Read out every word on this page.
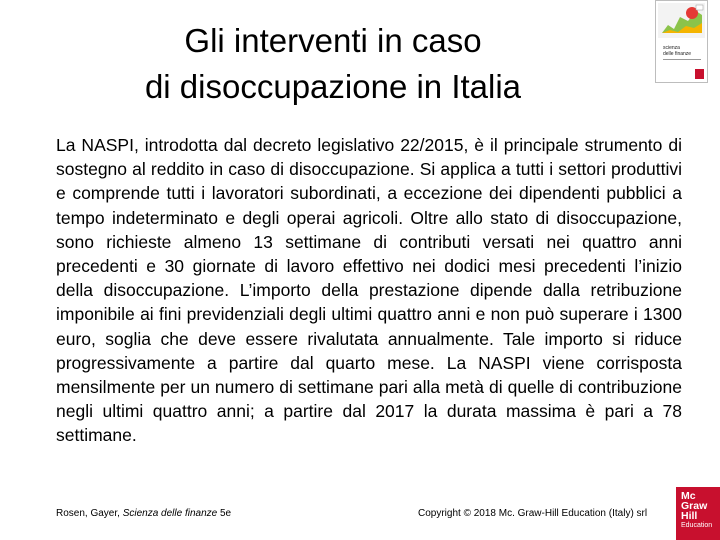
Gli interventi in caso
di disoccupazione in Italia
scienza
delle finanze

La NASPI, introdotta dal decreto legislativo 22/2015, è il principale strumento di sostegno al reddito in caso di disoccupazione. Si applica a tutti i settori produttivi e comprende tutti i lavoratori subordinati, a eccezione dei dipendenti pubblici a tempo indeterminato e degli operai agricoli. Oltre allo stato di disoccupazione, sono richieste almeno 13 settimane di contributi versati nei quattro anni precedenti e 30 giornate di lavoro effettivo nei dodici mesi precedenti l’inizio della disoccupazione. L’importo della prestazione dipende dalla retribuzione imponibile ai fini previdenziali degli ultimi quattro anni e non può superare i 1300 euro, soglia che deve essere rivalutata annualmente. Tale importo si riduce progressivamente a partire dal quarto mese. La NASPI viene corrisposta mensilmente per un numero di settimane pari alla metà di quelle di contribuzione negli ultimi quattro anni; a partire dal 2017 la durata massima è pari a 78 settimane.

Rosen, Gayer, Scienza delle finanze 5e	Copyright © 2018 Mc. Graw-Hill Education (Italy) srl
Mc
Graw
Hill
Education
